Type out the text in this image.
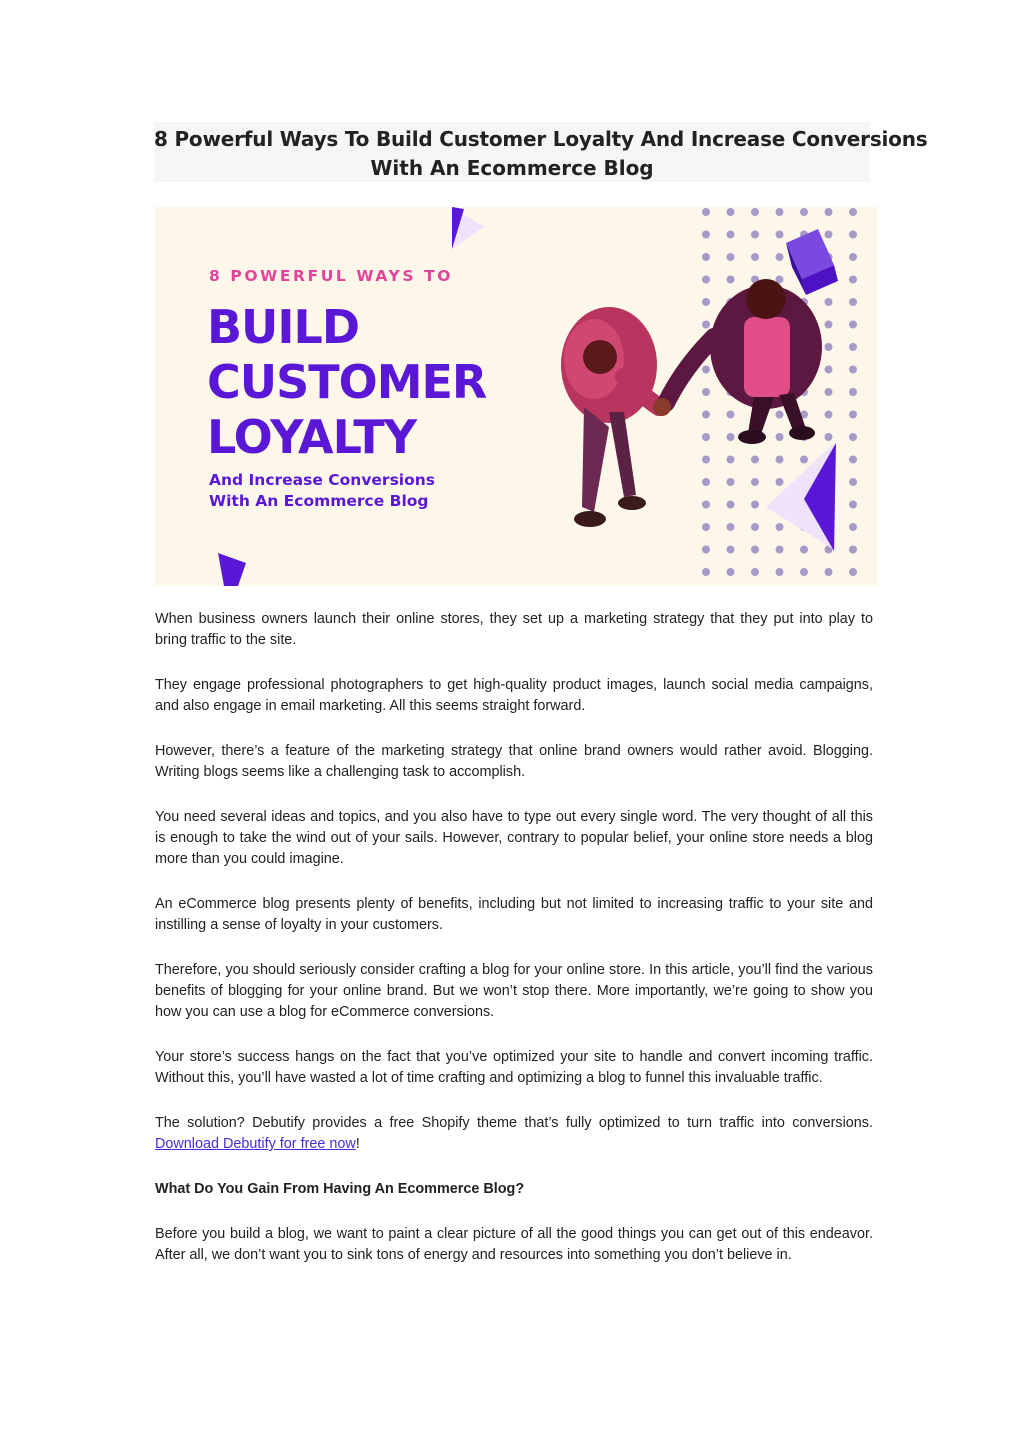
8 Powerful Ways To Build Customer Loyalty And Increase Conversions
With An Ecommerce Blog
8 POWERFUL WAYS TO
BUILD
CUSTOMER
LOYALTY
And Increase Conversions
With An Ecommerce Blog

When business owners launch their online stores, they set up a marketing strategy that they put into play to bring traffic to the site.

They engage professional photographers to get high-quality product images, launch social media campaigns, and also engage in email marketing. All this seems straight forward.

However, there’s a feature of the marketing strategy that online brand owners would rather avoid. Blogging. Writing blogs seems like a challenging task to accomplish.

You need several ideas and topics, and you also have to type out every single word. The very thought of all this is enough to take the wind out of your sails. However, contrary to popular belief, your online store needs a blog more than you could imagine.

An eCommerce blog presents plenty of benefits, including but not limited to increasing traffic to your site and instilling a sense of loyalty in your customers.

Therefore, you should seriously consider crafting a blog for your online store. In this article, you’ll find the various benefits of blogging for your online brand. But we won’t stop there. More importantly, we’re going to show you how you can use a blog for eCommerce conversions.

Your store’s success hangs on the fact that you’ve optimized your site to handle and convert incoming traffic. Without this, you’ll have wasted a lot of time crafting and optimizing a blog to funnel this invaluable traffic.

The solution? Debutify provides a free Shopify theme that’s fully optimized to turn traffic into conversions. Download Debutify for free now!

What Do You Gain From Having An Ecommerce Blog?

Before you build a blog, we want to paint a clear picture of all the good things you can get out of this endeavor. After all, we don’t want you to sink tons of energy and resources into something you don’t believe in.
